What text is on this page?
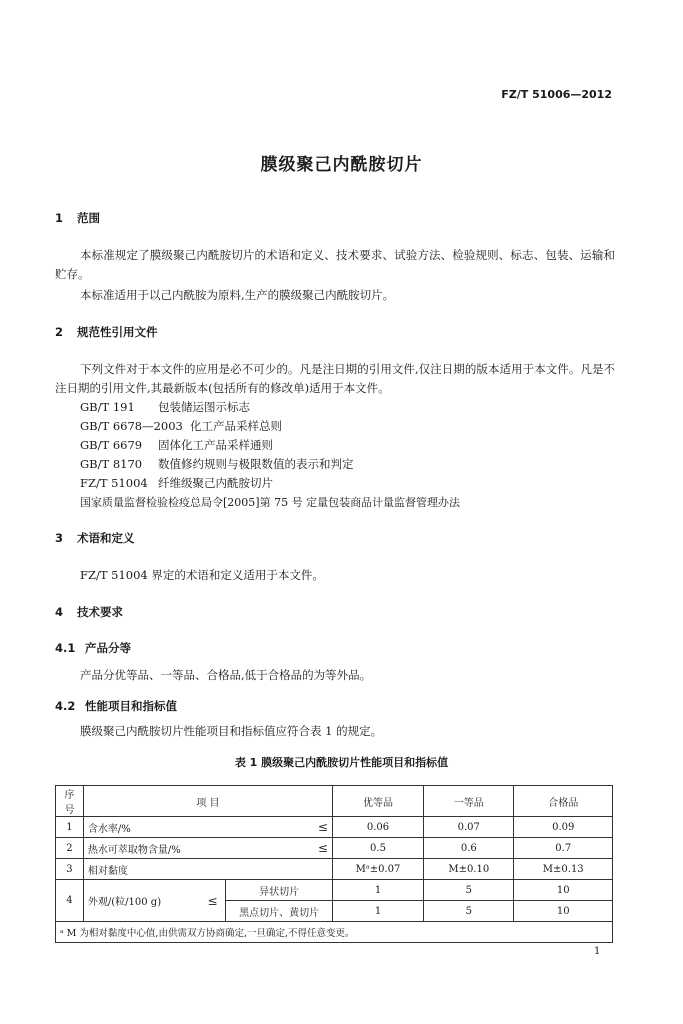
FZ/T 51006—2012
膜级聚己内酰胺切片
1 范围
本标准规定了膜级聚己内酰胺切片的术语和定义、技术要求、试验方法、检验规则、标志、包装、运输和贮存。
本标准适用于以己内酰胺为原料,生产的膜级聚己内酰胺切片。
2 规范性引用文件
下列文件对于本文件的应用是必不可少的。凡是注日期的引用文件,仅注日期的版本适用于本文件。凡是不注日期的引用文件,其最新版本(包括所有的修改单)适用于本文件。
GB/T 191 包装储运图示标志
GB/T 6678—2003 化工产品采样总则
GB/T 6679 固体化工产品采样通则
GB/T 8170 数值修约规则与极限数值的表示和判定
FZ/T 51004 纤维级聚己内酰胺切片
国家质量监督检验检疫总局令[2005]第 75 号 定量包装商品计量监督管理办法
3 术语和定义
FZ/T 51004 界定的术语和定义适用于本文件。
4 技术要求
4.1 产品分等
产品分优等品、一等品、合格品,低于合格品的为等外品。
4.2 性能项目和指标值
膜级聚己内酰胺切片性能项目和指标值应符合表 1 的规定。
表 1 膜级聚己内酰胺切片性能项目和指标值
序号	项 目			优等品	一等品	合格品
1	含水率/% ≤			0.06	0.07	0.09
2	热水可萃取物含量/% ≤			0.5	0.6	0.7
3	相对黏度			Mᵃ±0.07	M±0.10	M±0.13
4	外观/(粒/100 g)	≤	异状切片	1	5	10
			黑点切片、黄切片	1	5	10
ᵃ M 为相对黏度中心值,由供需双方协商确定,一旦确定,不得任意变更。						
1
